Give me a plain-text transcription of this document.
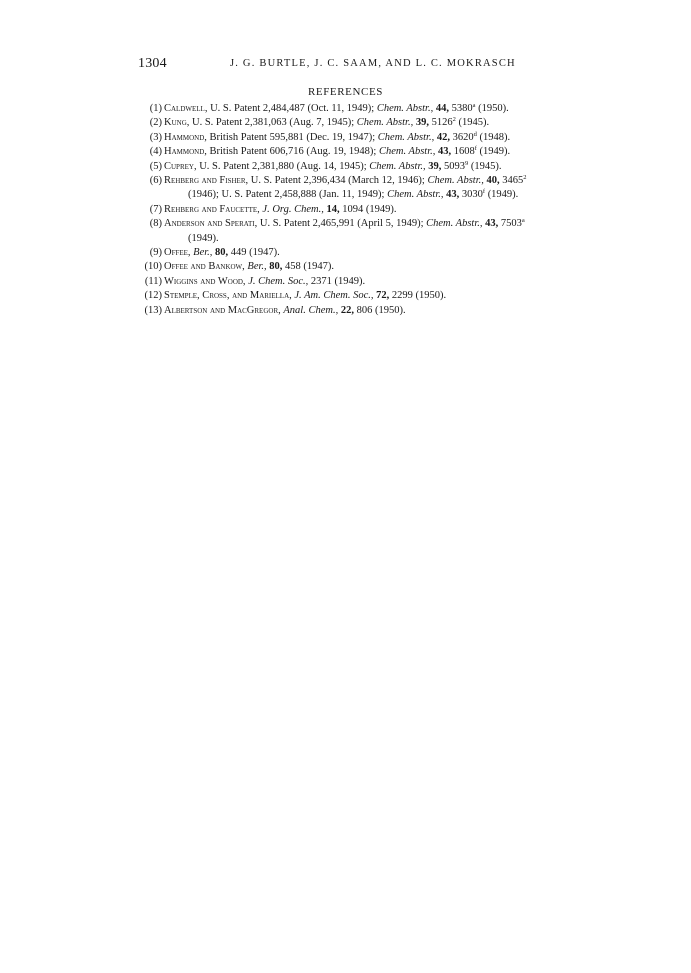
1304	J. G. BURTLE, J. C. SAAM, AND L. C. MOKRASCH
REFERENCES
(1) Caldwell, U. S. Patent 2,484,487 (Oct. 11, 1949); Chem. Abstr., 44, 5380$^a$ (1950).
(2) Kung, U. S. Patent 2,381,063 (Aug. 7, 1945); Chem. Abstr., 39, 5126$^2$ (1945).
(3) Hammond, British Patent 595,881 (Dec. 19, 1947); Chem. Abstr., 42, 3620$^d$ (1948).
(4) Hammond, British Patent 606,716 (Aug. 19, 1948); Chem. Abstr., 43, 1608$^f$ (1949).
(5) Cuprey, U. S. Patent 2,381,880 (Aug. 14, 1945); Chem. Abstr., 39, 5093$^9$ (1945).
(6) Rehberg and Fisher, U. S. Patent 2,396,434 (March 12, 1946); Chem. Abstr., 40, 3465$^2$
(1946); U. S. Patent 2,458,888 (Jan. 11, 1949); Chem. Abstr., 43, 3030$^f$ (1949).
(7) Rehberg and Faucette, J. Org. Chem., 14, 1094 (1949).
(8) Anderson and Sperati, U. S. Patent 2,465,991 (April 5, 1949); Chem. Abstr., 43, 7503$^a$
(1949).
(9) Offee, Ber., 80, 449 (1947).
(10) Offee and Bankow, Ber., 80, 458 (1947).
(11) Wiggins and Wood, J. Chem. Soc., 2371 (1949).
(12) Stemple, Cross, and Mariella, J. Am. Chem. Soc., 72, 2299 (1950).
(13) Albertson and MacGregor, Anal. Chem., 22, 806 (1950).
